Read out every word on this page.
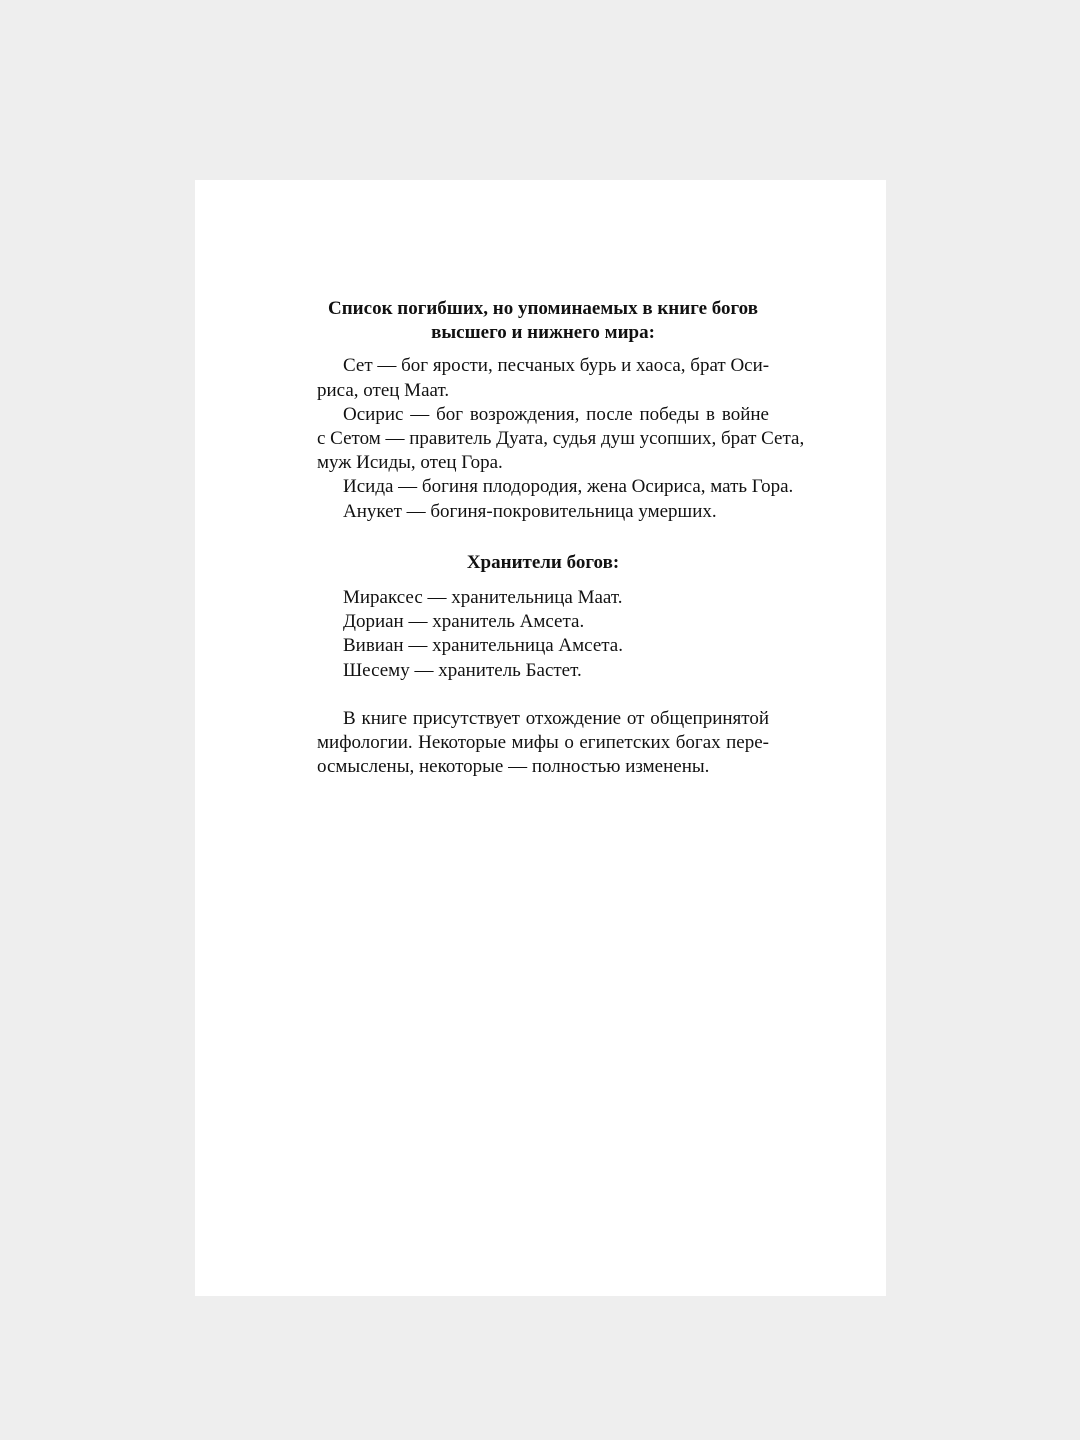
Список погибших, но упоминаемых в книге богов
высшего и нижнего мира:
Сет — бог ярости, песчаных бурь и хаоса, брат Оси-
риса, отец Маат.
Осирис — бог возрождения, после победы в войне
с Сетом — правитель Дуата, судья душ усопших, брат Сета,
муж Исиды, отец Гора.
Исида — богиня плодородия, жена Осириса, мать Гора.
Анукет — богиня-покровительница умерших.
Хранители богов:
Мираксес — хранительница Маат.
Дориан — хранитель Амсета.
Вивиан — хранительница Амсета.
Шесему — хранитель Бастет.
В книге присутствует отхождение от общепринятой
мифологии. Некоторые мифы о египетских богах пере-
осмыслены, некоторые — полностью изменены.
